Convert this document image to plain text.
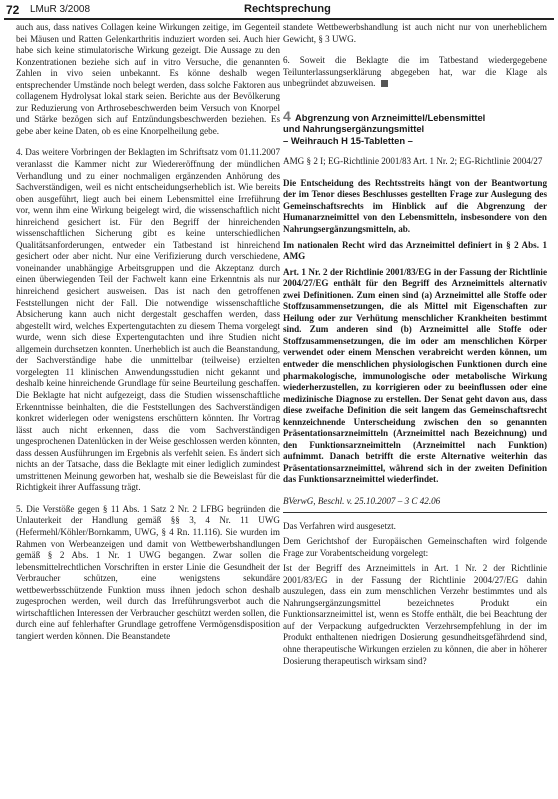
72 LMuR 3/2008	Rechtsprechung

auch aus, dass natives Collagen keine Wirkungen zeitige, im Gegenteil bei Mäusen und Ratten Gelenkarthritis induziert worden sei. Auch hier habe sich keine stimulatorische Wirkung gezeigt. Die Aussage zu den Konzentrationen beziehe sich auf in vitro Versuche, die genannten Zahlen in vivo seien unbekannt. Es könne deshalb wegen entsprechender Umstände noch belegt werden, dass solche Faktoren aus collagenem Hydrolysat lokal stark seien. Berichte aus der Bevölkerung zur Reduzierung von Arthrosebeschwerden beim Versuch von Knorpel und Stärke bezögen sich auf Entzündungsbeschwerden beziehen. Es gebe aber keine Daten, ob es eine Knorpelheilung gebe.

4. Das weitere Vorbringen der Beklagten im Schriftsatz vom 01.11.2007 veranlasst die Kammer nicht zur Wiedereröffnung der mündlichen Verhandlung und zu einer nochmaligen ergänzenden Anhörung des Sachverständigen, weil es nicht entscheidungserheblich ist. Wie bereits oben ausgeführt, liegt auch bei einem Lebensmittel eine Irreführung vor, wenn ihm eine Wirkung beigelegt wird, die wissenschaftlich nicht hinreichend gesichert ist. Für den Begriff der hinreichenden wissenschaftlichen Sicherung gibt es keine unterschiedlichen Qualitätsanforderungen, entweder ein Tatbestand ist hinreichend gesichert oder aber nicht. Nur eine Verifizierung durch verschiedene, voneinander unabhängige Arbeitsgruppen und die Akzeptanz durch einen überwiegenden Teil der Fachwelt kann eine Erkenntnis als nur hinreichend gesichert ausweisen. Das ist nach den getroffenen Feststellungen nicht der Fall. Die notwendige wissenschaftliche Absicherung kann auch nicht dergestalt geschaffen werden, dass abgestellt wird, welches Expertengutachten zu diesem Thema vorgelegt wurde, wenn sich diese Expertengutachten und ihre Studien nicht allgemein durchsetzen konnten. Unerheblich ist auch die Beanstandung, der Sachverständige habe die unmittelbar (teilweise) erzielten vorgelegten 11 klinischen Anwendungsstudien nicht gekannt und deshalb keine hinreichende Grundlage für seine Beurteilung geschaffen. Die Beklagte hat nicht aufgezeigt, dass die Studien wissenschaftliche Erkenntnisse beinhalten, die die Feststellungen des Sachverständigen konkret widerlegen oder wenigstens erschüttern könnten. Ihr Vortrag lässt auch nicht erkennen, dass die vom Sachverständigen ungesprochenen Datenlücken in der Weise geschlossen werden könnten, dass dessen Ausführungen im Ergebnis als verfehlt seien. Es ändert sich nichts an der Tatsache, dass die Beklagte mit einer lediglich zumindest umstrittenen Meinung geworben hat, weshalb sie die Beweislast für die Richtigkeit ihrer Auffassung trägt.

5. Die Verstöße gegen § 11 Abs. 1 Satz 2 Nr. 2 LFBG begründen die Unlauterkeit der Handlung gemäß §§ 3, 4 Nr. 11 UWG (Hefermehl/Köhler/Bornkamm, UWG, § 4 Rn. 11.116). Sie wurden im Rahmen von Werbeanzeigen und damit von Wettbewerbshandlungen gemäß § 2 Abs. 1 Nr. 1 UWG begangen. Zwar sollen die lebensmittelrechtlichen Vorschriften in erster Linie die Gesundheit der Verbraucher schützen, eine wenigstens sekundäre wettbewerbsschützende Funktion muss ihnen jedoch schon deshalb zugesprochen werden, weil durch das Irreführungsverbot auch die wirtschaftlichen Interessen der Verbraucher geschützt werden sollen, die durch eine auf fehlerhafter Grundlage getroffene Vermögensdisposition tangiert werden können. Die Beanstandete

standete Wettbewerbshandlung ist auch nicht nur von unerheblichem Gewicht, § 3 UWG.

6. Soweit die Beklagte die im Tatbestand wiedergegebene Teilunterlassungserklärung abgegeben hat, war die Klage als unbegründet abzuweisen.

4 Abgrenzung von Arzneimittel/Lebensmittel
und Nahrungsergänzungsmittel
– Weihrauch H 15-Tabletten –

AMG § 2 I; EG-Richtlinie 2001/83 Art. 1 Nr. 2; EG-Richtlinie 2004/27

Die Entscheidung des Rechtsstreits hängt von der Beantwortung der im Tenor dieses Beschlusses gestellten Frage zur Auslegung des Gemeinschaftsrechts im Hinblick auf die Abgrenzung der Humanarzneimittel von den Lebensmitteln, insbesondere von den Nahrungsergänzungsmitteln, ab.

Im nationalen Recht wird das Arzneimittel definiert in § 2 Abs. 1 AMG

Art. 1 Nr. 2 der Richtlinie 2001/83/EG in der Fassung der Richtlinie 2004/27/EG enthält für den Begriff des Arzneimittels alternativ zwei Definitionen. Zum einen sind (a) Arzneimittel alle Stoffe oder Stoffzusammensetzungen, die als Mittel mit Eigenschaften zur Heilung oder zur Verhütung menschlicher Krankheiten bestimmt sind. Zum anderen sind (b) Arzneimittel alle Stoffe oder Stoffzusammensetzungen, die im oder am menschlichen Körper verwendet oder einem Menschen verabreicht werden können, um entweder die menschlichen physiologischen Funktionen durch eine pharmakologische, immunologische oder metabolische Wirkung wiederherzustellen, zu korrigieren oder zu beeinflussen oder eine medizinische Diagnose zu erstellen. Der Senat geht davon aus, dass diese zweifache Definition die seit langem das Gemeinschaftsrecht kennzeichnende Unterscheidung zwischen den so genannten Präsentationsarzneimitteln (Arzneimittel nach Bezeichnung) und den Funktionsarzneimitteln (Arzneimittel nach Funktion) aufnimmt. Danach betrifft die erste Alternative weiterhin das Präsentationsarzneimittel, während sich in der zweiten Definition das Funktionsarzneimittel wiederfindet.

BVerwG, Beschl. v. 25.10.2007 – 3 C 42.06

Das Verfahren wird ausgesetzt.

Dem Gerichtshof der Europäischen Gemeinschaften wird folgende Frage zur Vorabentscheidung vorgelegt:

Ist der Begriff des Arzneimittels in Art. 1 Nr. 2 der Richtlinie 2001/83/EG in der Fassung der Richtlinie 2004/27/EG dahin auszulegen, dass ein zum menschlichen Verzehr bestimmtes und als Nahrungsergänzungsmittel bezeichnetes Produkt ein Funktionsarzneimittel ist, wenn es Stoffe enthält, die bei Beachtung der auf der Verpackung aufgedruckten Verzehrsempfehlung in der im Produkt enthaltenen niedrigen Dosierung gesundheitsgefährdend sind, ohne therapeutische Wirkungen erzielen zu können, die aber in höherer Dosierung therapeutisch wirksam sind?
